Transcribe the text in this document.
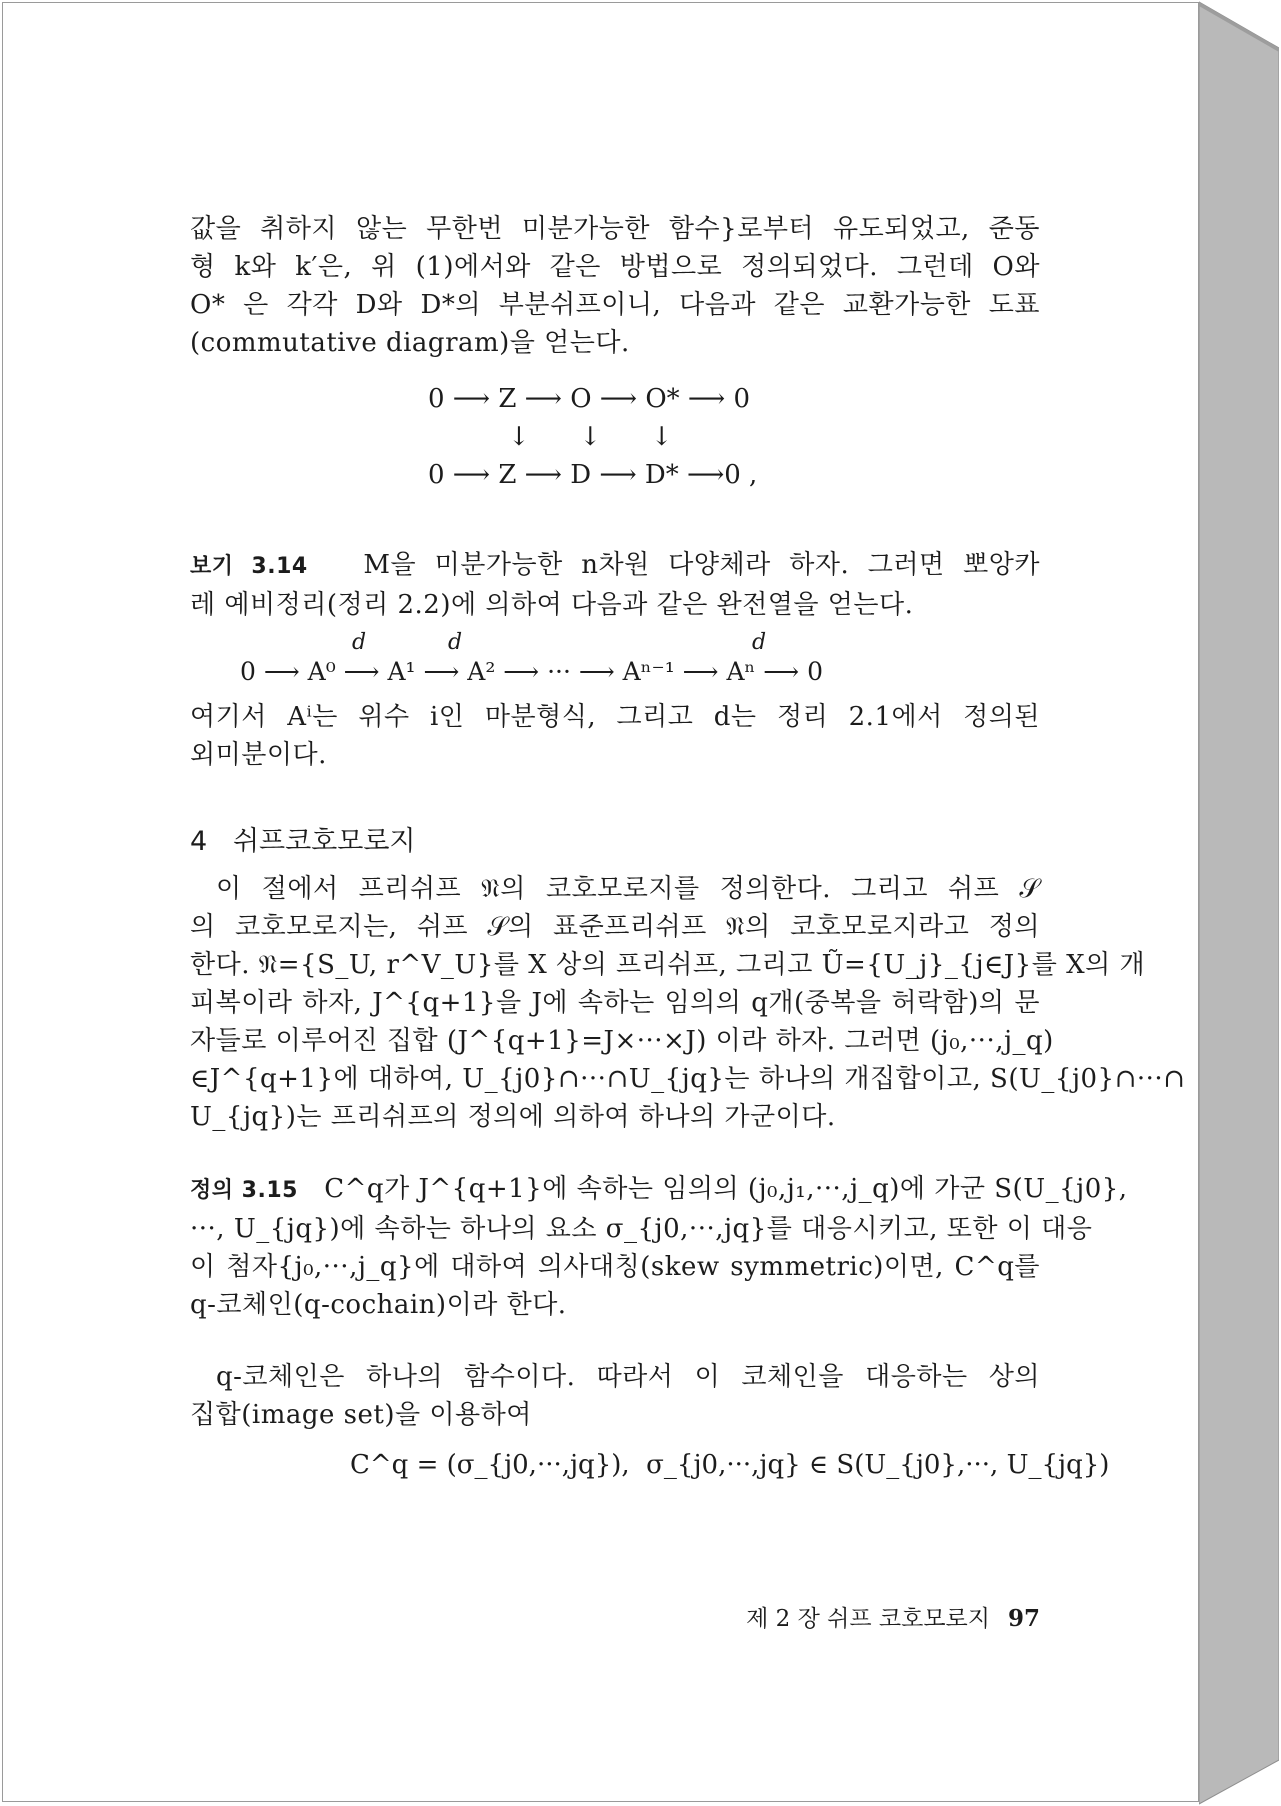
값을 취하지 않는 무한번 미분가능한 함수}로부터 유도되었고, 준동

형 k와 k′은, 위 (1)에서와 같은 방법으로 정의되었다. 그런데 O와

O* 은 각각 D와 D*의 부분쉬프이니, 다음과 같은 교환가능한 도표

(commutative diagram)을 얻는다.

0 ⟶ Z ⟶ O ⟶ O* ⟶ 0

↓      ↓      ↓

0 ⟶ Z ⟶ D ⟶ D* ⟶0 ,

보기 3.14 M을 미분가능한 n차원 다양체라 하자. 그러면 뽀앙카

레 예비정리(정리 2.2)에 의하여 다음과 같은 완전열을 얻는다.

d	d	d

0 ⟶ A⁰ ⟶ A¹ ⟶ A² ⟶ ··· ⟶ Aⁿ⁻¹ ⟶ Aⁿ ⟶ 0

여기서 Aⁱ는 위수 i인 마분형식, 그리고 d는 정리 2.1에서 정의된

외미분이다.

4 쉬프코호모로지

이 절에서 프리쉬프 𝔑의 코호모로지를 정의한다. 그리고 쉬프 𝒮

의 코호모로지는, 쉬프 𝒮의 표준프리쉬프 𝔑의 코호모로지라고 정의

한다. 𝔑={S_U, r^V_U}를 X 상의 프리쉬프, 그리고 Ũ={U_j}_{j∈J}를 X의 개

피복이라 하자, J^{q+1}을 J에 속하는 임의의 q개(중복을 허락함)의 문

자들로 이루어진 집합 (J^{q+1}=J×···×J) 이라 하자. 그러면 (j₀,···,j_q)

∈J^{q+1}에 대하여, U_{j0}∩···∩U_{jq}는 하나의 개집합이고, S(U_{j0}∩···∩

U_{jq})는 프리쉬프의 정의에 의하여 하나의 가군이다.

정의 3.15 C^q가 J^{q+1}에 속하는 임의의 (j₀,j₁,···,j_q)에 가군 S(U_{j0},

···, U_{jq})에 속하는 하나의 요소 σ_{j0,···,jq}를 대응시키고, 또한 이 대응

이 첨자{j₀,···,j_q}에 대하여 의사대칭(skew symmetric)이면, C^q를

q-코체인(q-cochain)이라 한다.

q-코체인은 하나의 함수이다. 따라서 이 코체인을 대응하는 상의

집합(image set)을 이용하여

C^q = (σ_{j0,···,jq}),  σ_{j0,···,jq} ∈ S(U_{j0},···, U_{jq})

제 2 장 쉬프 코호모로지 97
